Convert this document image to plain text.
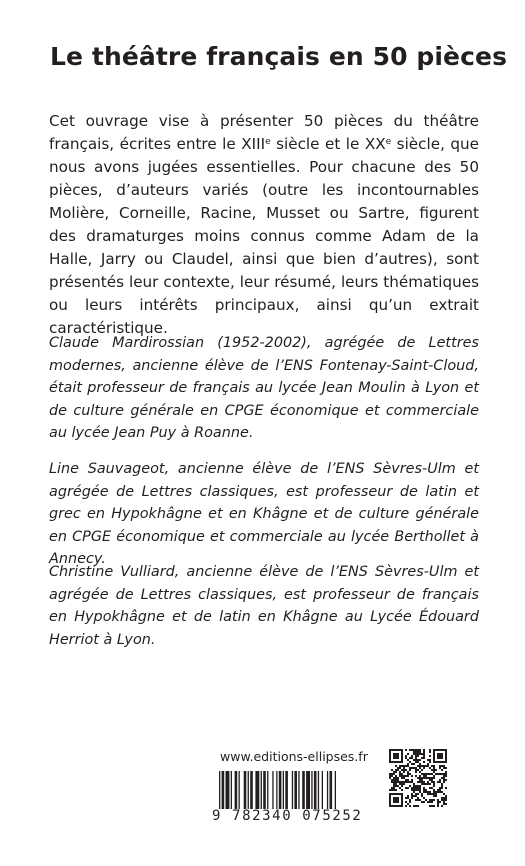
Le théâtre français en 50 pièces

Cet ouvrage vise à présenter 50 pièces du théâtre français, écrites entre le XIIIe siècle et le XXe siècle, que nous avons jugées essentielles. Pour chacune des 50 pièces, d’auteurs variés (outre les incontournables Molière, Corneille, Racine, Musset ou Sartre, figurent des dramaturges moins connus comme Adam de la Halle, Jarry ou Claudel, ainsi que bien d’autres), sont présentés leur contexte, leur résumé, leurs thématiques ou leurs intérêts principaux, ainsi qu’un extrait caractéristique.

Claude Mardirossian (1952-2002), agrégée de Lettres modernes, ancienne élève de l’ENS Fontenay-Saint-Cloud, était professeur de français au lycée Jean Moulin à Lyon et de culture générale en CPGE économique et commerciale au lycée Jean Puy à Roanne.

Line Sauvageot, ancienne élève de l’ENS Sèvres-Ulm et agrégée de Lettres classiques, est professeur de latin et grec en Hypokhâgne et en Khâgne et de culture générale en CPGE économique et commerciale au lycée Berthollet à Annecy.

Christine Vulliard, ancienne élève de l’ENS Sèvres-Ulm et agrégée de Lettres classiques, est professeur de français en Hypokhâgne et de latin en Khâgne au Lycée Édouard Herriot à Lyon.

www.editions-ellipses.fr
9 782340 075252
